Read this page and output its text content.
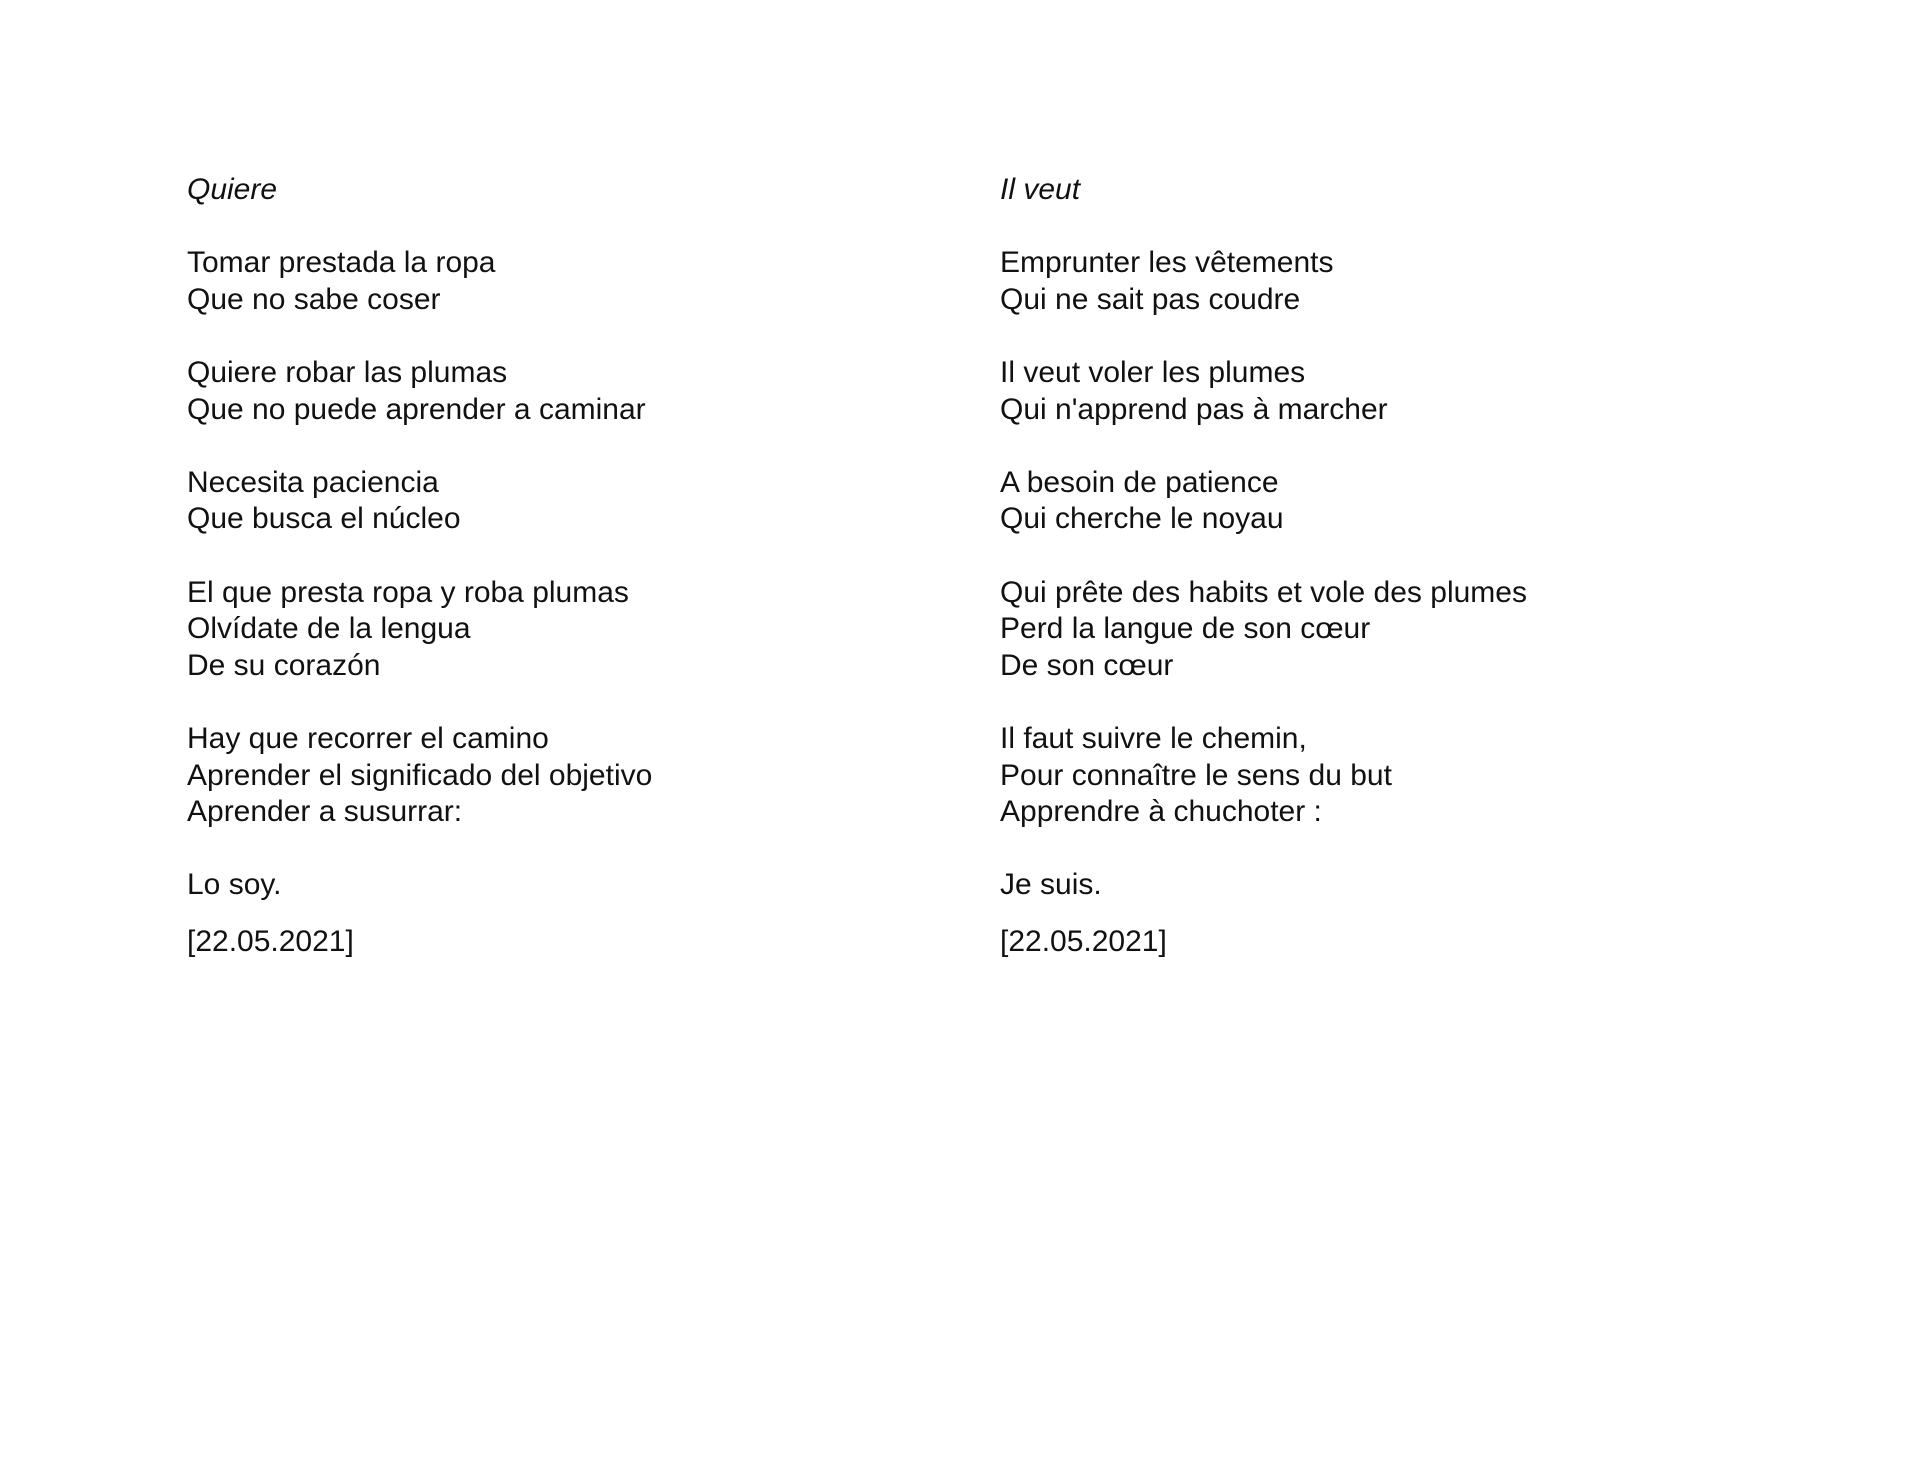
Quiere
Tomar prestada la ropa
Que no sabe coser
Quiere robar las plumas
Que no puede aprender a caminar
Necesita paciencia
Que busca el núcleo
El que presta ropa y roba plumas
Olvídate de la lengua
De su corazón
Hay que recorrer el camino
Aprender el significado del objetivo
Aprender a susurrar:
Lo soy.
[22.05.2021]
Il veut
Emprunter les vêtements
Qui ne sait pas coudre
Il veut voler les plumes
Qui n'apprend pas à marcher
A besoin de patience
Qui cherche le noyau
Qui prête des habits et vole des plumes
Perd la langue de son cœur
De son cœur
Il faut suivre le chemin,
Pour connaître le sens du but
Apprendre à chuchoter :
Je suis.
[22.05.2021]
